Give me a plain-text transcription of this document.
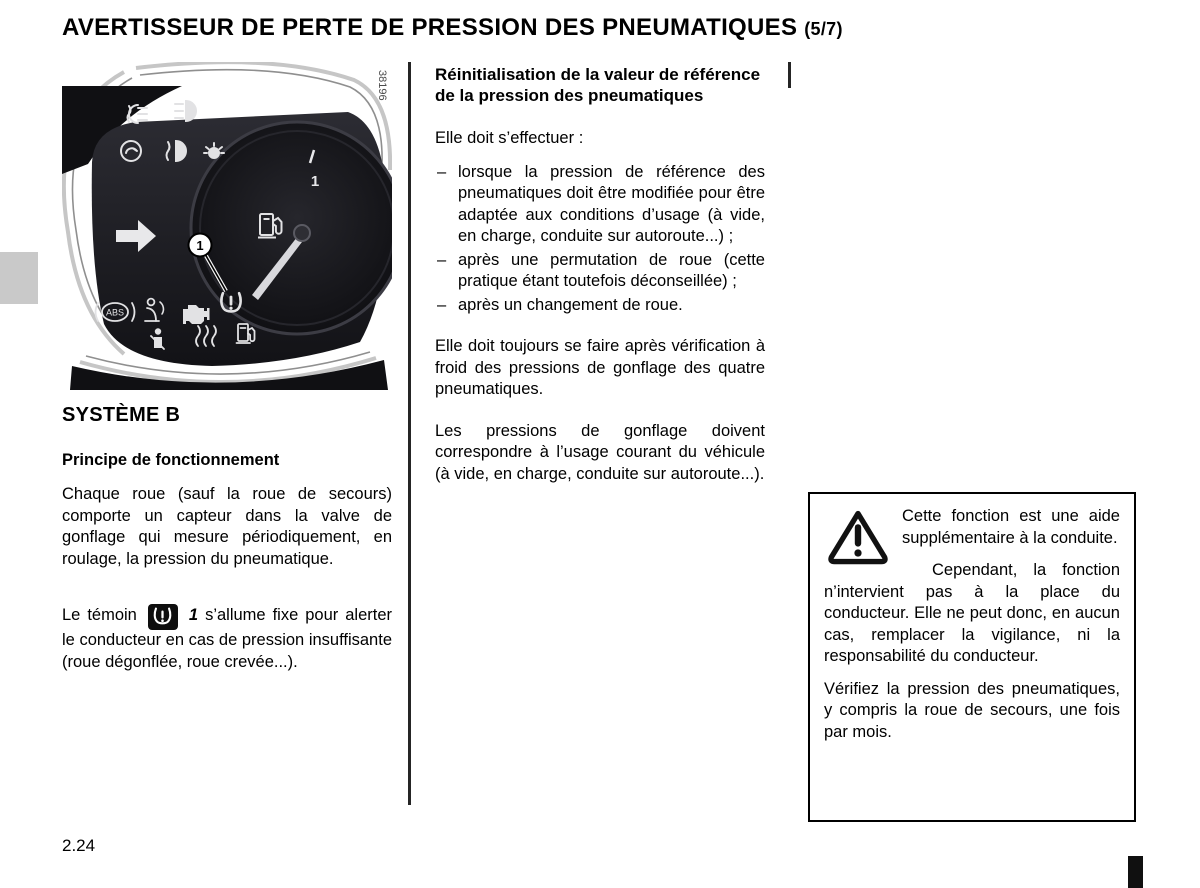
AVERTISSEUR DE PERTE DE PRESSION DES PNEUMATIQUES (5/7)
1
ABS
1
38196
SYSTÈME B
Principe de fonctionnement

Chaque roue (sauf la roue de secours) comporte un capteur dans la valve de gonflage qui mesure périodiquement, en roulage, la pression du pneumatique.

Le témoin	1 s’allume fixe pour alerter le conducteur en cas de pression insuffisante (roue dégonflée, roue crevée...).

Réinitialisation de la valeur de référence de la pression des pneumatiques

Elle doit s’effectuer :

– lorsque la pression de référence des pneumatiques doit être modifiée pour être adaptée aux conditions d’usage (à vide, en charge, conduite sur autoroute...) ;
– après une permutation de roue (cette pratique étant toutefois déconseillée) ;
– après un changement de roue.

Elle doit toujours se faire après vérification à froid des pressions de gonflage des quatre pneumatiques.

Les pressions de gonflage doivent correspondre à l’usage courant du véhicule (à vide, en charge, conduite sur autoroute...).

Cette fonction est une aide supplémentaire à la conduite.

Cependant, la fonction n’intervient pas à la place du conducteur. Elle ne peut donc, en aucun cas, remplacer la vigilance, ni la responsabilité du conducteur.

Vérifiez la pression des pneumatiques, y compris la roue de secours, une fois par mois.

2.24
